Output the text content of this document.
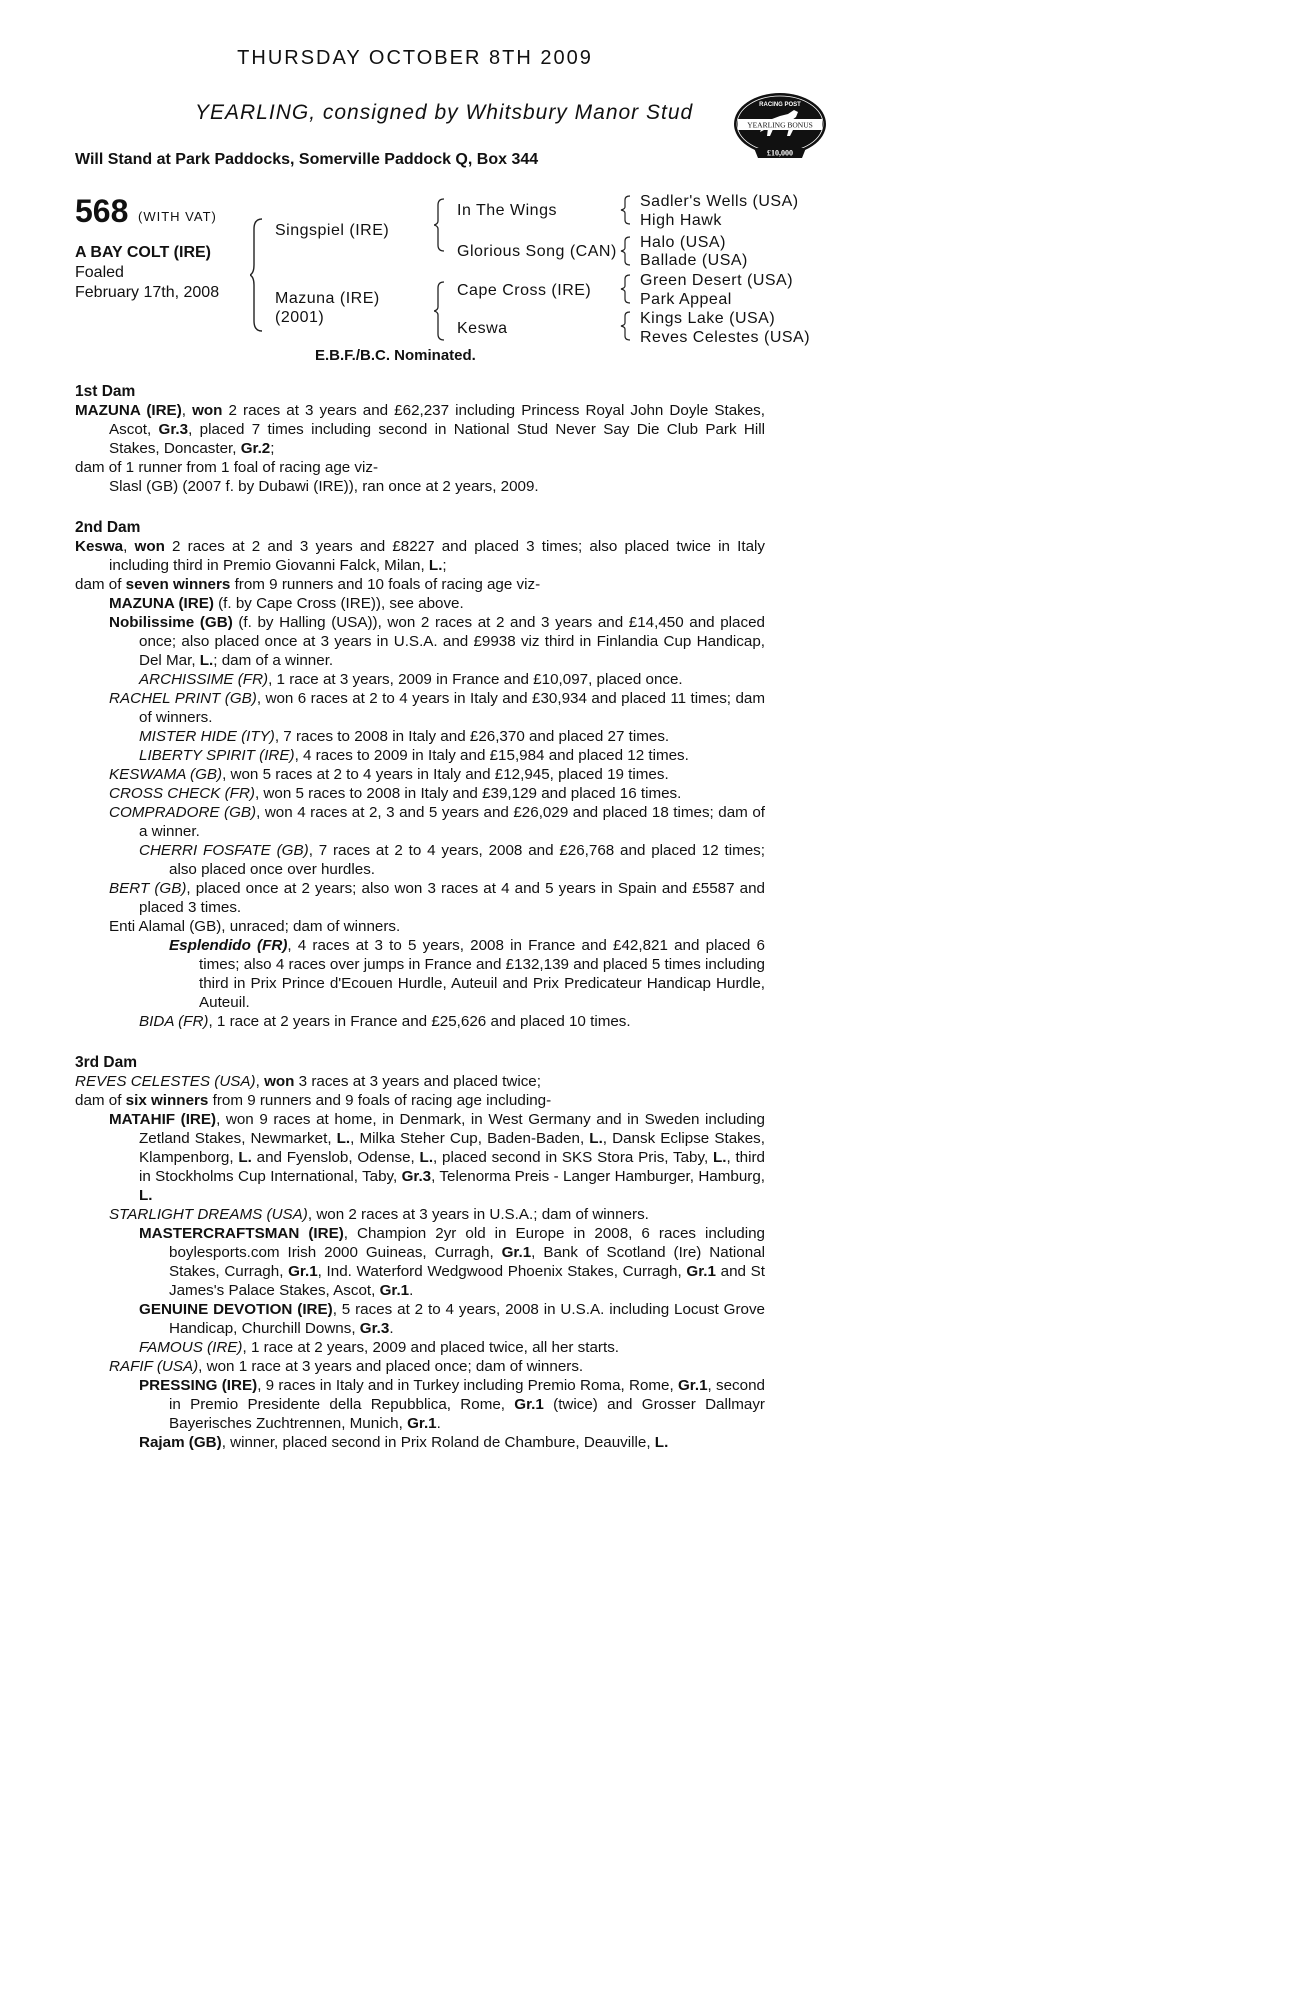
THURSDAY OCTOBER 8TH 2009
YEARLING, consigned by Whitsbury Manor Stud
Will Stand at Park Paddocks, Somerville Paddock Q, Box 344
RACING POST
YEARLING BONUS
£10,000
568 (WITH VAT)
A BAY COLT (IRE)
Foaled
February 17th, 2008
Singspiel (IRE)
Mazuna (IRE)
(2001)
In The Wings
Glorious Song (CAN)
Cape Cross (IRE)
Keswa
Sadler's Wells (USA)
High Hawk
Halo (USA)
Ballade (USA)
Green Desert (USA)
Park Appeal
Kings Lake (USA)
Reves Celestes (USA)
E.B.F./B.C. Nominated.
1st Dam

MAZUNA (IRE), won 2 races at 3 years and £62,237 including Princess Royal John Doyle Stakes, Ascot, Gr.3, placed 7 times including second in National Stud Never Say Die Club Park Hill Stakes, Doncaster, Gr.2;

dam of 1 runner from 1 foal of racing age viz-

Slasl (GB) (2007 f. by Dubawi (IRE)), ran once at 2 years, 2009.

2nd Dam

Keswa, won 2 races at 2 and 3 years and £8227 and placed 3 times; also placed twice in Italy including third in Premio Giovanni Falck, Milan, L.;

dam of seven winners from 9 runners and 10 foals of racing age viz-

MAZUNA (IRE) (f. by Cape Cross (IRE)), see above.

Nobilissime (GB) (f. by Halling (USA)), won 2 races at 2 and 3 years and £14,450 and placed once; also placed once at 3 years in U.S.A. and £9938 viz third in Finlandia Cup Handicap, Del Mar, L.; dam of a winner.

ARCHISSIME (FR), 1 race at 3 years, 2009 in France and £10,097, placed once.

RACHEL PRINT (GB), won 6 races at 2 to 4 years in Italy and £30,934 and placed 11 times; dam of winners.

MISTER HIDE (ITY), 7 races to 2008 in Italy and £26,370 and placed 27 times.

LIBERTY SPIRIT (IRE), 4 races to 2009 in Italy and £15,984 and placed 12 times.

KESWAMA (GB), won 5 races at 2 to 4 years in Italy and £12,945, placed 19 times.

CROSS CHECK (FR), won 5 races to 2008 in Italy and £39,129 and placed 16 times.

COMPRADORE (GB), won 4 races at 2, 3 and 5 years and £26,029 and placed 18 times; dam of a winner.

CHERRI FOSFATE (GB), 7 races at 2 to 4 years, 2008 and £26,768 and placed 12 times; also placed once over hurdles.

BERT (GB), placed once at 2 years; also won 3 races at 4 and 5 years in Spain and £5587 and placed 3 times.

Enti Alamal (GB), unraced; dam of winners.

Esplendido (FR), 4 races at 3 to 5 years, 2008 in France and £42,821 and placed 6 times; also 4 races over jumps in France and £132,139 and placed 5 times including third in Prix Prince d'Ecouen Hurdle, Auteuil and Prix Predicateur Handicap Hurdle, Auteuil.

BIDA (FR), 1 race at 2 years in France and £25,626 and placed 10 times.

3rd Dam

REVES CELESTES (USA), won 3 races at 3 years and placed twice;

dam of six winners from 9 runners and 9 foals of racing age including-

MATAHIF (IRE), won 9 races at home, in Denmark, in West Germany and in Sweden including Zetland Stakes, Newmarket, L., Milka Steher Cup, Baden-Baden, L., Dansk Eclipse Stakes, Klampenborg, L. and Fyenslob, Odense, L., placed second in SKS Stora Pris, Taby, L., third in Stockholms Cup International, Taby, Gr.3, Telenorma Preis - Langer Hamburger, Hamburg, L.

STARLIGHT DREAMS (USA), won 2 races at 3 years in U.S.A.; dam of winners.

MASTERCRAFTSMAN (IRE), Champion 2yr old in Europe in 2008, 6 races including boylesports.com Irish 2000 Guineas, Curragh, Gr.1, Bank of Scotland (Ire) National Stakes, Curragh, Gr.1, Ind. Waterford Wedgwood Phoenix Stakes, Curragh, Gr.1 and St James's Palace Stakes, Ascot, Gr.1.

GENUINE DEVOTION (IRE), 5 races at 2 to 4 years, 2008 in U.S.A. including Locust Grove Handicap, Churchill Downs, Gr.3.

FAMOUS (IRE), 1 race at 2 years, 2009 and placed twice, all her starts.

RAFIF (USA), won 1 race at 3 years and placed once; dam of winners.

PRESSING (IRE), 9 races in Italy and in Turkey including Premio Roma, Rome, Gr.1, second in Premio Presidente della Repubblica, Rome, Gr.1 (twice) and Grosser Dallmayr Bayerisches Zuchtrennen, Munich, Gr.1.

Rajam (GB), winner, placed second in Prix Roland de Chambure, Deauville, L.
